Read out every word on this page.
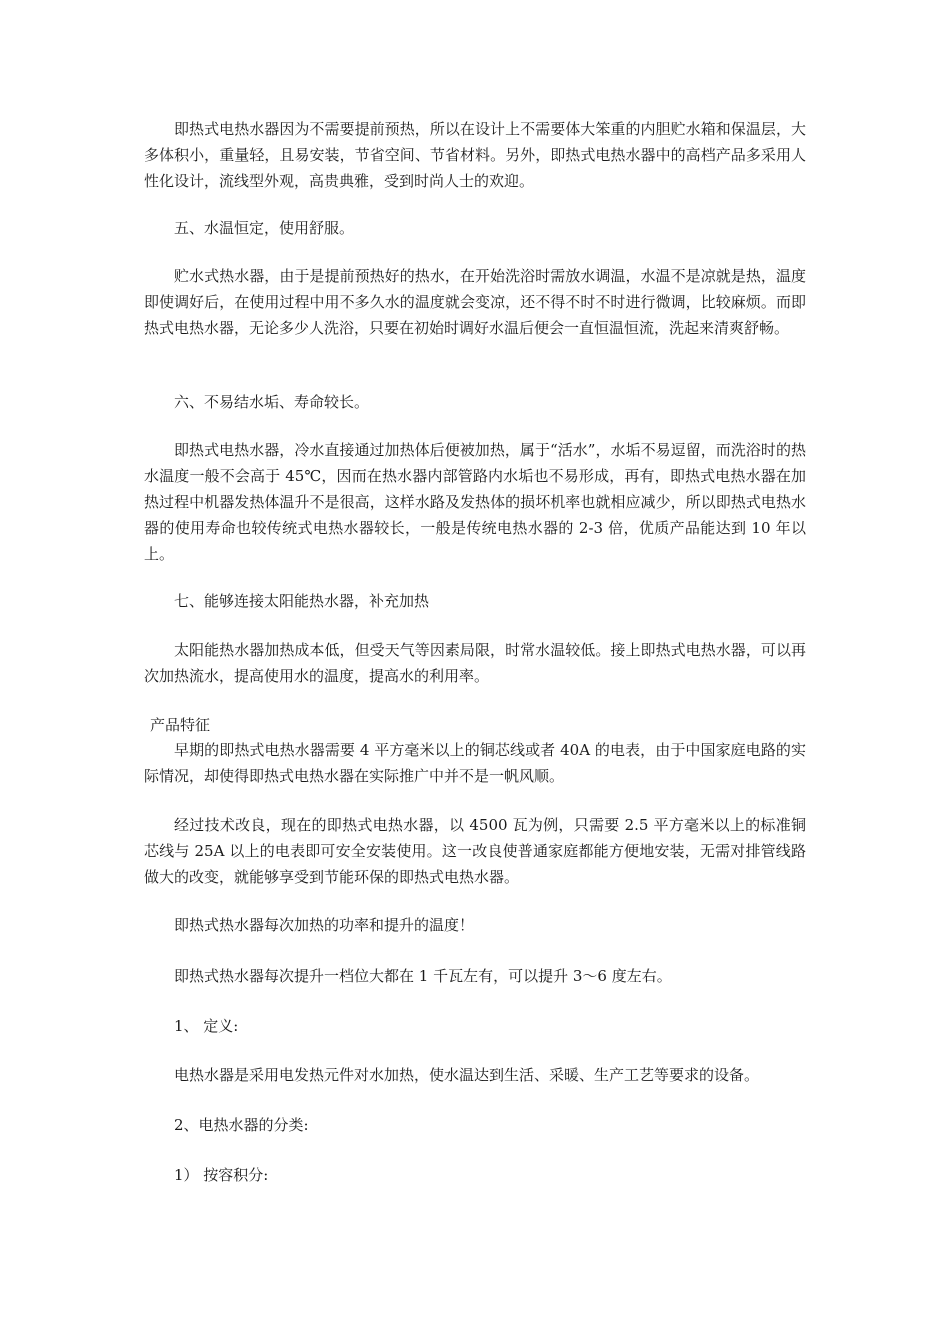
即热式电热水器因为不需要提前预热，所以在设计上不需要体大笨重的内胆贮水箱和保温层，大多体积小，重量轻，且易安装，节省空间、节省材料。另外，即热式电热水器中的高档产品多采用人性化设计，流线型外观，高贵典雅，受到时尚人士的欢迎。

五、水温恒定，使用舒服。

贮水式热水器，由于是提前预热好的热水，在开始洗浴时需放水调温，水温不是凉就是热，温度即使调好后，在使用过程中用不多久水的温度就会变凉，还不得不时不时进行微调，比较麻烦。而即热式电热水器，无论多少人洗浴，只要在初始时调好水温后便会一直恒温恒流，洗起来清爽舒畅。

六、不易结水垢、寿命较长。

即热式电热水器，冷水直接通过加热体后便被加热，属于“活水”，水垢不易逗留，而洗浴时的热水温度一般不会高于 45℃，因而在热水器内部管路内水垢也不易形成，再有，即热式电热水器在加热过程中机器发热体温升不是很高，这样水路及发热体的损坏机率也就相应减少，所以即热式电热水器的使用寿命也较传统式电热水器较长，一般是传统电热水器的 2-3 倍，优质产品能达到 10 年以上。

七、能够连接太阳能热水器，补充加热

太阳能热水器加热成本低，但受天气等因素局限，时常水温较低。接上即热式电热水器，可以再次加热流水，提高使用水的温度，提高水的利用率。

产品特征

早期的即热式电热水器需要 4 平方毫米以上的铜芯线或者 40A 的电表，由于中国家庭电路的实际情况，却使得即热式电热水器在实际推广中并不是一帆风顺。

经过技术改良，现在的即热式电热水器，以 4500 瓦为例，只需要 2.5 平方毫米以上的标准铜芯线与 25A 以上的电表即可安全安装使用。这一改良使普通家庭都能方便地安装，无需对排管线路做大的改变，就能够享受到节能环保的即热式电热水器。

即热式热水器每次加热的功率和提升的温度！

即热式热水器每次提升一档位大都在 1 千瓦左有，可以提升 3～6 度左右。

1、 定义:

电热水器是采用电发热元件对水加热，使水温达到生活、采暖、生产工艺等要求的设备。

2、电热水器的分类:

1） 按容积分:
